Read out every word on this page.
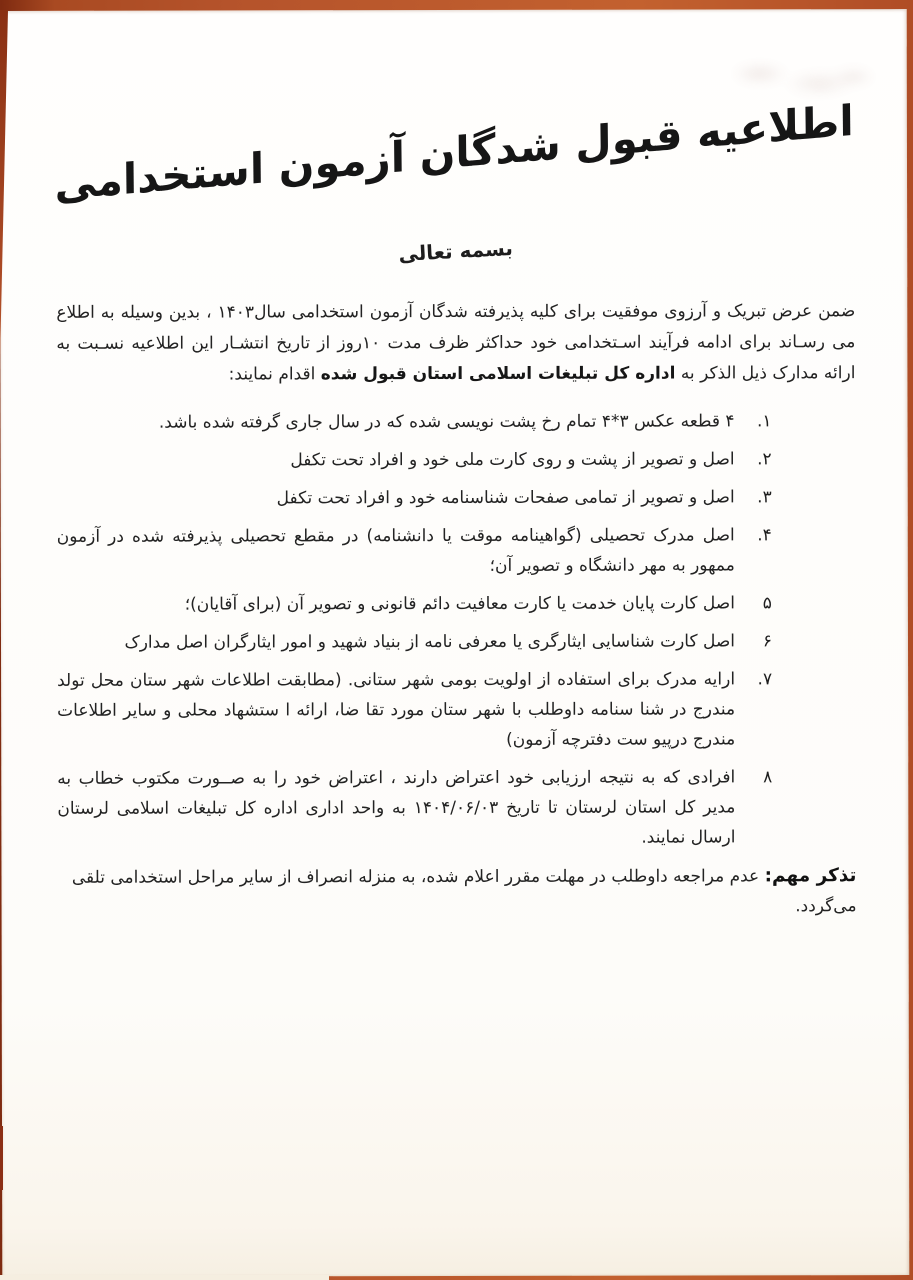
اطلاعیه قبول شدگان آزمون استخدامی
بسمه تعالی

ضمن عرض تبریک و آرزوی موفقیت برای کلیه پذیرفته شدگان آزمون استخدامی سال۱۴۰۳ ، بدین وسیله به اطلاع می رسـاند برای ادامه فرآیند اسـتخدامی خود حداکثر ظرف مدت ۱۰روز از تاریخ انتشـار این اطلاعیه نسـبت به ارائه مدارک ذیل الذکر به اداره کل تبلیغات اسلامی استان قبول شده اقدام نمایند:

۱.
۴ قطعه عکس ۳*۴ تمام رخ پشت نویسی شده که در سال جاری گرفته شده باشد.
۲.
اصل و تصویر از پشت و روی کارت ملی خود و افراد تحت تکفل
۳.
اصل و تصویر از تمامی صفحات شناسنامه خود و افراد تحت تکفل
۴.
اصل مدرک تحصیلی (گواهینامه موقت یا دانشنامه) در مقطع تحصیلی پذیرفته شده در آزمون ممهور به مهر دانشگاه و تصویر آن؛
۵
اصل کارت پایان خدمت یا کارت معافیت دائم قانونی و تصویر آن (برای آقایان)؛
۶
اصل کارت شناسایی ایثارگری یا معرفی نامه از بنیاد شهید و امور ایثارگران اصل مدارک
۷.
ارایه مدرک برای استفاده از اولویت بومی شهر ستانی. (مطابقت اطلاعات شهر ستان محل تولد مندرج در شنا سنامه داوطلب با شهر ستان مورد تقا ضا، ارائه ا ستشهاد محلی و سایر اطلاعات مندرج درپیو ست دفترچه آزمون)
۸
افرادی که به نتیجه ارزیابی خود اعتراض دارند ، اعتراض خود را به صــورت مکتوب خطاب به مدیر کل استان لرستان تا تاریخ ۱۴۰۴/۰۶/۰۳ به واحد اداری اداره کل تبلیغات اسلامی لرستان ارسال نمایند.

تذکر مهم: عدم مراجعه داوطلب در مهلت مقرر اعلام شده، به منزله انصراف از سایر مراحل استخدامی تلقی می‌گردد.
